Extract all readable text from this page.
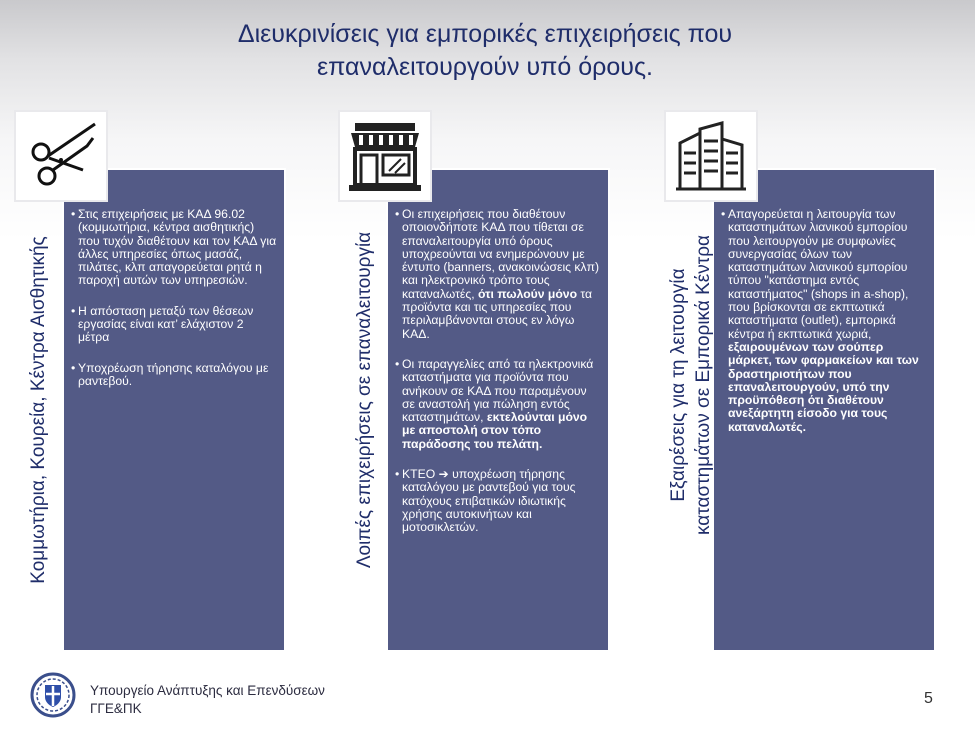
Διευκρινίσεις για εμπορικές επιχειρήσεις που
επαναλειτουργούν υπό όρους.
• Στις επιχειρήσεις με ΚΑΔ 96.02 (κομμωτήρια, κέντρα αισθητικής) που τυχόν διαθέτουν και τον ΚΑΔ για άλλες υπηρεσίες όπως μασάζ, πιλάτες, κλπ απαγορεύεται ρητά η παροχή αυτών των υπηρεσιών.
• Η απόσταση μεταξύ των θέσεων εργασίας είναι κατ’ ελάχιστον 2 μέτρα
• Υποχρέωση τήρησης καταλόγου με ραντεβού.
Κομμωτήρια, Κουρεία, Κέντρα Αισθητικής
• Οι επιχειρήσεις που διαθέτουν οποιονδήποτε ΚΑΔ που τίθεται σε επαναλειτουργία υπό όρους υποχρεούνται να ενημερώνουν με έντυπο (banners, ανακοινώσεις κλπ) και ηλεκτρονικό τρόπο τους καταναλωτές, ότι πωλούν μόνο τα προϊόντα και τις υπηρεσίες που περιλαμβάνονται στους εν λόγω ΚΑΔ.
• Οι παραγγελίες από τα ηλεκτρονικά καταστήματα για προϊόντα που ανήκουν σε ΚΑΔ που παραμένουν σε αναστολή για πώληση εντός καταστημάτων, εκτελούνται μόνο με αποστολή στον τόπο παράδοσης του πελάτη.
• ΚΤΕΟ ➔ υποχρέωση τήρησης καταλόγου με ραντεβού για τους κατόχους επιβατικών ιδιωτικής χρήσης αυτοκινήτων και μοτοσικλετών.
Λοιπές επιχειρήσεις σε επαναλειτουργία
• Απαγορεύεται η λειτουργία των καταστημάτων λιανικού εμπορίου που λειτουργούν με συμφωνίες συνεργασίας όλων των καταστημάτων λιανικού εμπορίου τύπου "κατάστημα εντός καταστήματος" (shops in a-shop), που βρίσκονται σε εκπτωτικά καταστήματα (outlet), εμπορικά κέντρα ή εκπτωτικά χωριά, εξαιρουμένων των σούπερ μάρκετ, των φαρμακείων και των δραστηριοτήτων που επαναλειτουργούν, υπό την προϋπόθεση ότι διαθέτουν ανεξάρτητη είσοδο για τους καταναλωτές.
Εξαιρέσεις για τη λειτουργία καταστημάτων σε Εμπορικά Κέντρα
Υπουργείο Ανάπτυξης και Επενδύσεων
ΓΓΕ&ΠΚ
5
